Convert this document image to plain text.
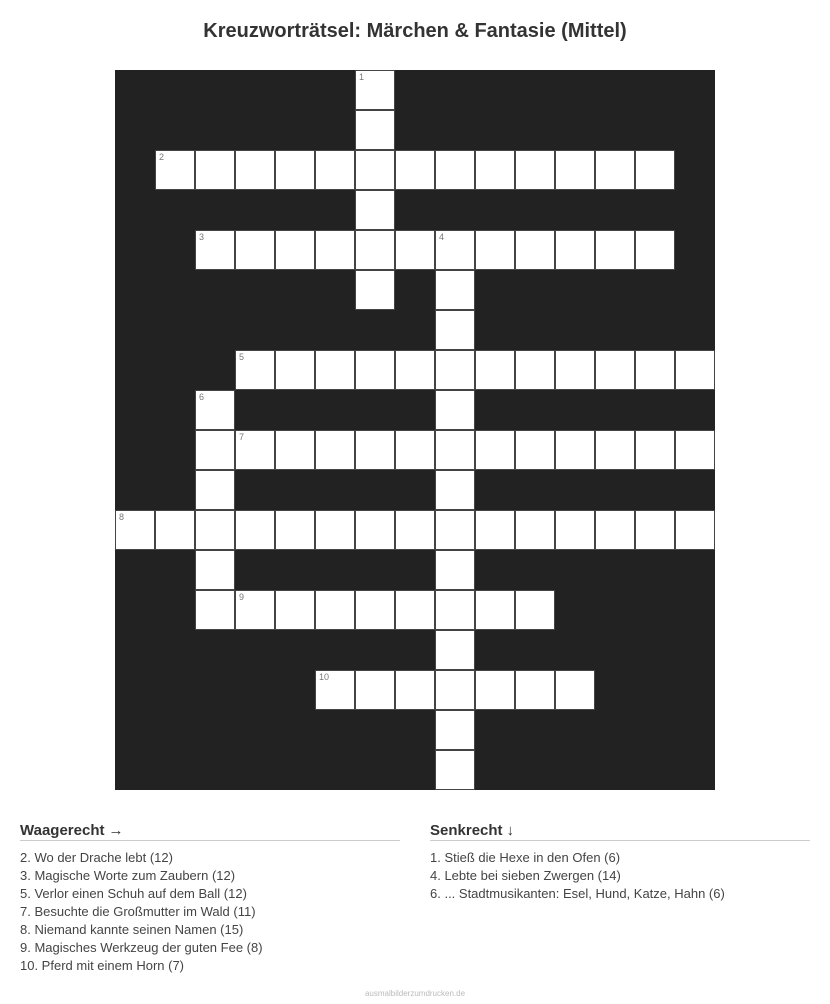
Kreuzworträtsel: Märchen & Fantasie (Mittel)
1
2
3	4
5
6
7
8
9
10
Waagerecht →
2. Wo der Drache lebt (12)
3. Magische Worte zum Zaubern (12)
5. Verlor einen Schuh auf dem Ball (12)
7. Besuchte die Großmutter im Wald (11)
8. Niemand kannte seinen Namen (15)
9. Magisches Werkzeug der guten Fee (8)
10. Pferd mit einem Horn (7)
Senkrecht ↓
1. Stieß die Hexe in den Ofen (6)
4. Lebte bei sieben Zwergen (14)
6. ... Stadtmusikanten: Esel, Hund, Katze, Hahn (6)
ausmalbilderzumdrucken.de
